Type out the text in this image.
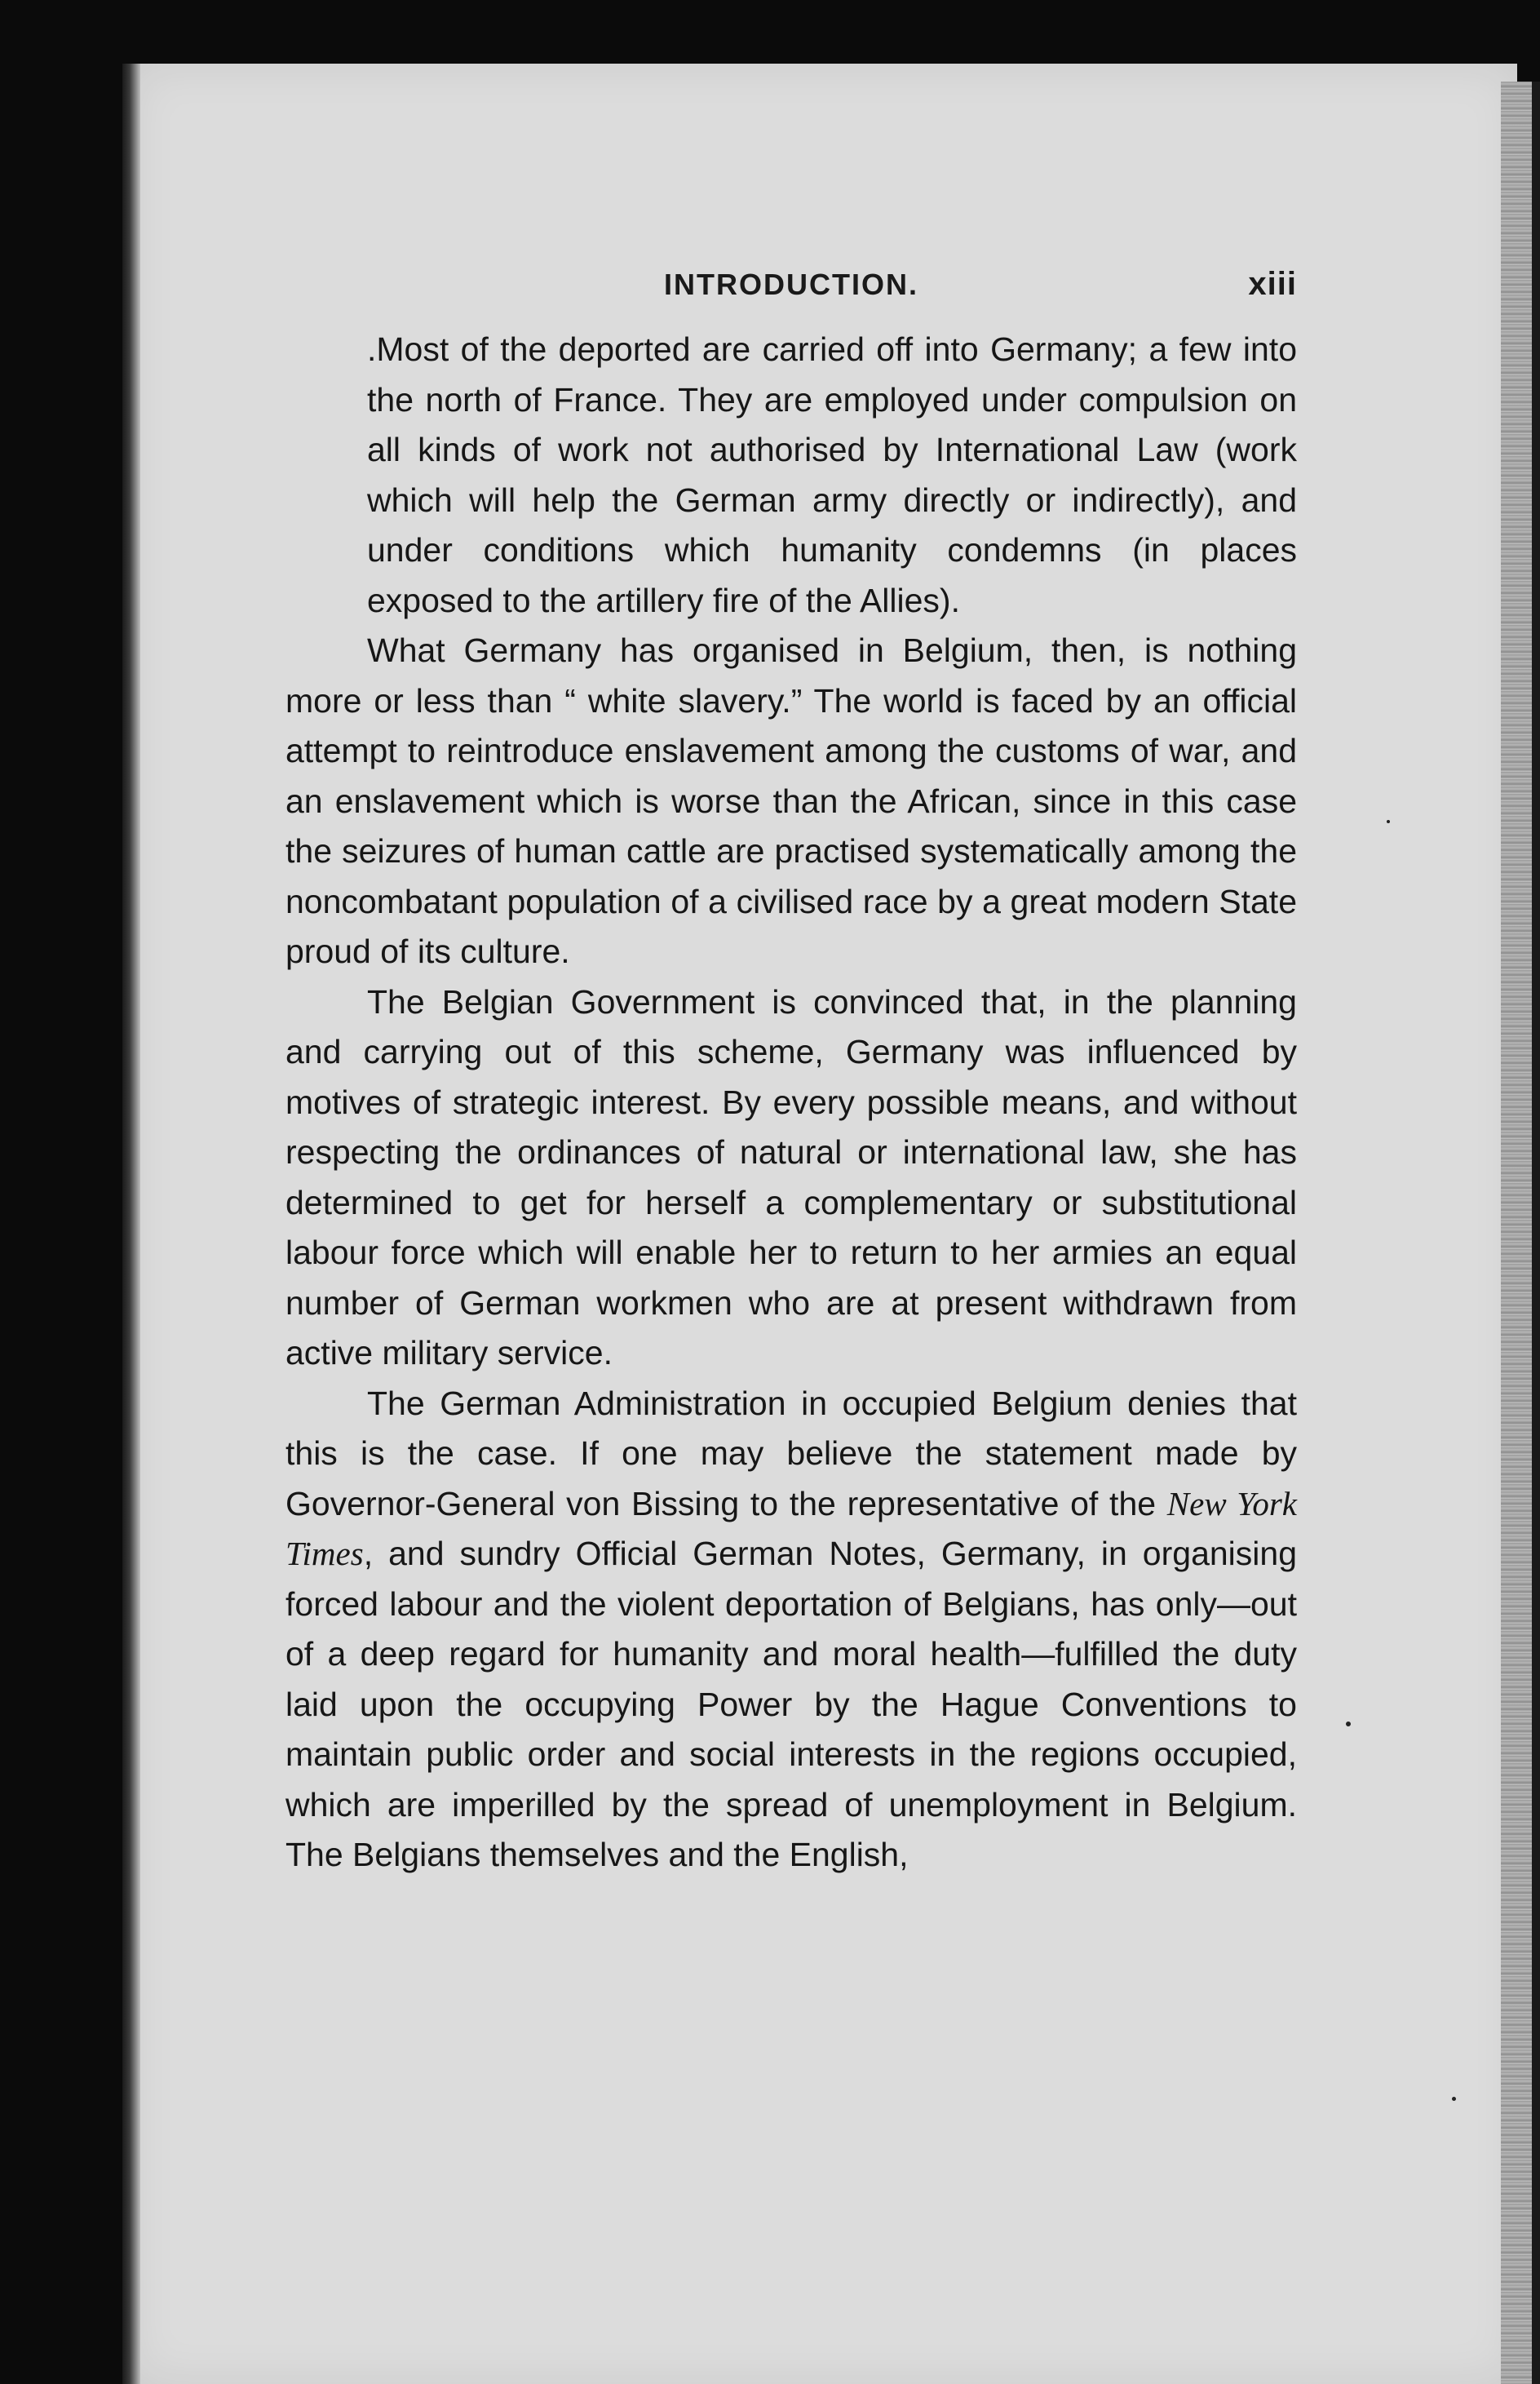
INTRODUCTION.	xiii

.Most of the deported are carried off into Germany; a few into the north of France. They are employed under compulsion on all kinds of work not authorised by International Law (work which will help the German army directly or indirectly), and under conditions which humanity condemns (in places exposed to the artillery fire of the Allies).

What Germany has organised in Belgium, then, is nothing more or less than “ white slavery.” The world is faced by an official attempt to reintroduce enslavement among the customs of war, and an enslavement which is worse than the African, since in this case the seizures of human cattle are practised systematically among the noncombatant population of a civilised race by a great modern State proud of its culture.

The Belgian Government is convinced that, in the planning and carrying out of this scheme, Germany was influenced by motives of strategic interest. By every possible means, and without respecting the ordinances of natural or international law, she has determined to get for herself a complementary or substitutional labour force which will enable her to return to her armies an equal number of German workmen who are at present withdrawn from active military service.

The German Administration in occupied Belgium denies that this is the case. If one may believe the statement made by Governor-General von Bissing to the representative of the New York Times, and sundry Official German Notes, Germany, in organising forced labour and the violent deportation of Belgians, has only—out of a deep regard for humanity and moral health—fulfilled the duty laid upon the occupying Power by the Hague Conventions to maintain public order and social interests in the regions occupied, which are imperilled by the spread of unemployment in Belgium. The Belgians themselves and the English,
